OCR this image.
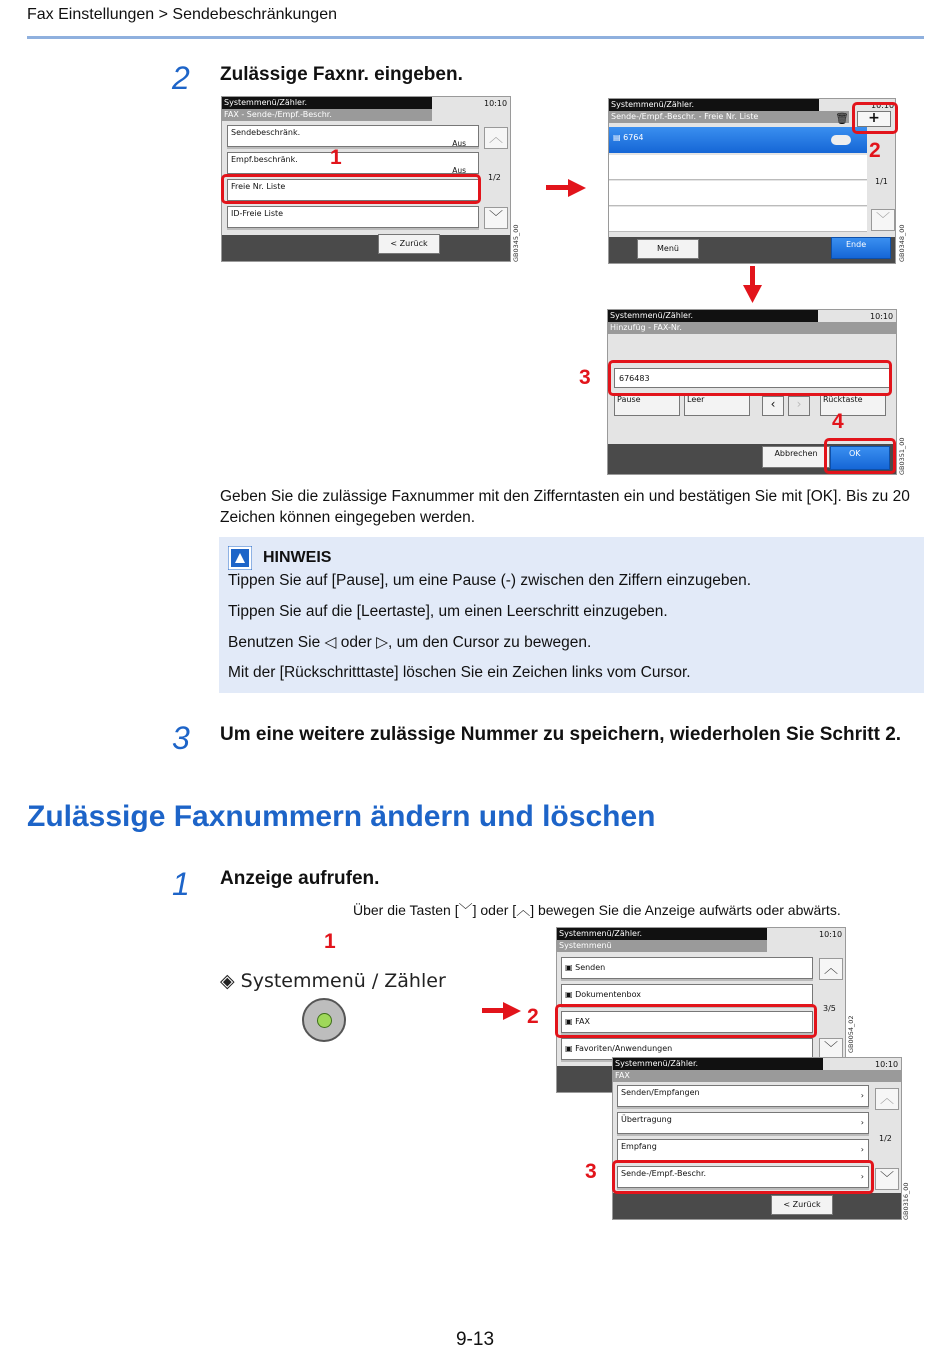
Fax Einstellungen > Sendebeschränkungen
2 Zulässige Faxnr. eingeben.
Systemmenü/Zähler.
FAX - Sende-/Empf.-Beschr.
10:10
Sendebeschränk.
Aus
Empf.beschränk.
Aus
Freie Nr. Liste
ID-Freie Liste
︿
1/2
﹀
< Zurück	GB0345_00
1
Systemmenü/Zähler.
Sende-/Empf.-Beschr. - Freie Nr. Liste
10:10
🗑
▤ 6764
1/1
﹀
Menü	Ende
+
GB0348_00
2
Systemmenü/Zähler.
Hinzufüg - FAX-Nr.
10:10
676483
Pause	Leer	‹	›	Rücktaste
Abbrechen	OK	GB0351_00
3
4
Geben Sie die zulässige Faxnummer mit den Zifferntasten ein und bestätigen Sie mit [OK]. Bis zu 20 Zeichen können eingegeben werden.
HINWEIS
Tippen Sie auf [Pause], um eine Pause (-) zwischen den Ziffern einzugeben.
Tippen Sie auf die [Leertaste], um einen Leerschritt einzugeben.
Benutzen Sie ◁ oder ▷, um den Cursor zu bewegen.
Mit der [Rückschritttaste] löschen Sie ein Zeichen links vom Cursor.
3 Um eine weitere zulässige Nummer zu speichern, wiederholen Sie Schritt 2.
Zulässige Faxnummern ändern und löschen
1 Anzeige aufrufen.
Über die Tasten [﹀] oder [︿] bewegen Sie die Anzeige aufwärts oder abwärts.
1
◈ Systemmenü / Zähler
2
Systemmenü/Zähler.
Systemmenü
10:10
▣ Senden
▣ Dokumentenbox
▣ FAX
▣ Favoriten/Anwendungen
︿
3/5
﹀	GB0054_02
Systemmenü/Zähler.
FAX
10:10
Senden/Empfangen	›
Übertragung	›
Empfang	›
Sende-/Empf.-Beschr.	›
︿
1/2
﹀
< Zurück	GB0316_00
3
9-13
